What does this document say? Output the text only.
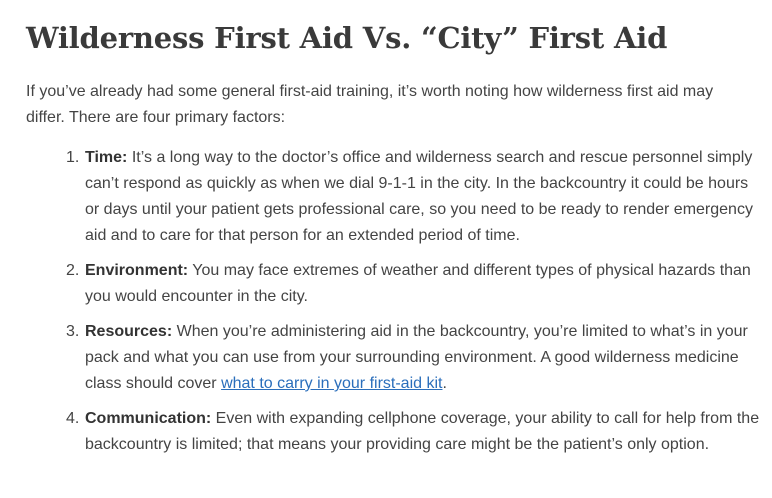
Wilderness First Aid Vs. “City” First Aid

If you’ve already had some general first-aid training, it’s worth noting how wilderness first aid may differ. There are four primary factors:

1. Time: It’s a long way to the doctor’s office and wilderness search and rescue personnel simply can’t respond as quickly as when we dial 9-1-1 in the city. In the backcountry it could be hours or days until your patient gets professional care, so you need to be ready to render emergency aid and to care for that person for an extended period of time.
2. Environment: You may face extremes of weather and different types of physical hazards than you would encounter in the city.
3. Resources: When you’re administering aid in the backcountry, you’re limited to what’s in your pack and what you can use from your surrounding environment. A good wilderness medicine class should cover what to carry in your first-aid kit.
4. Communication: Even with expanding cellphone coverage, your ability to call for help from the backcountry is limited; that means your providing care might be the patient’s only option.
